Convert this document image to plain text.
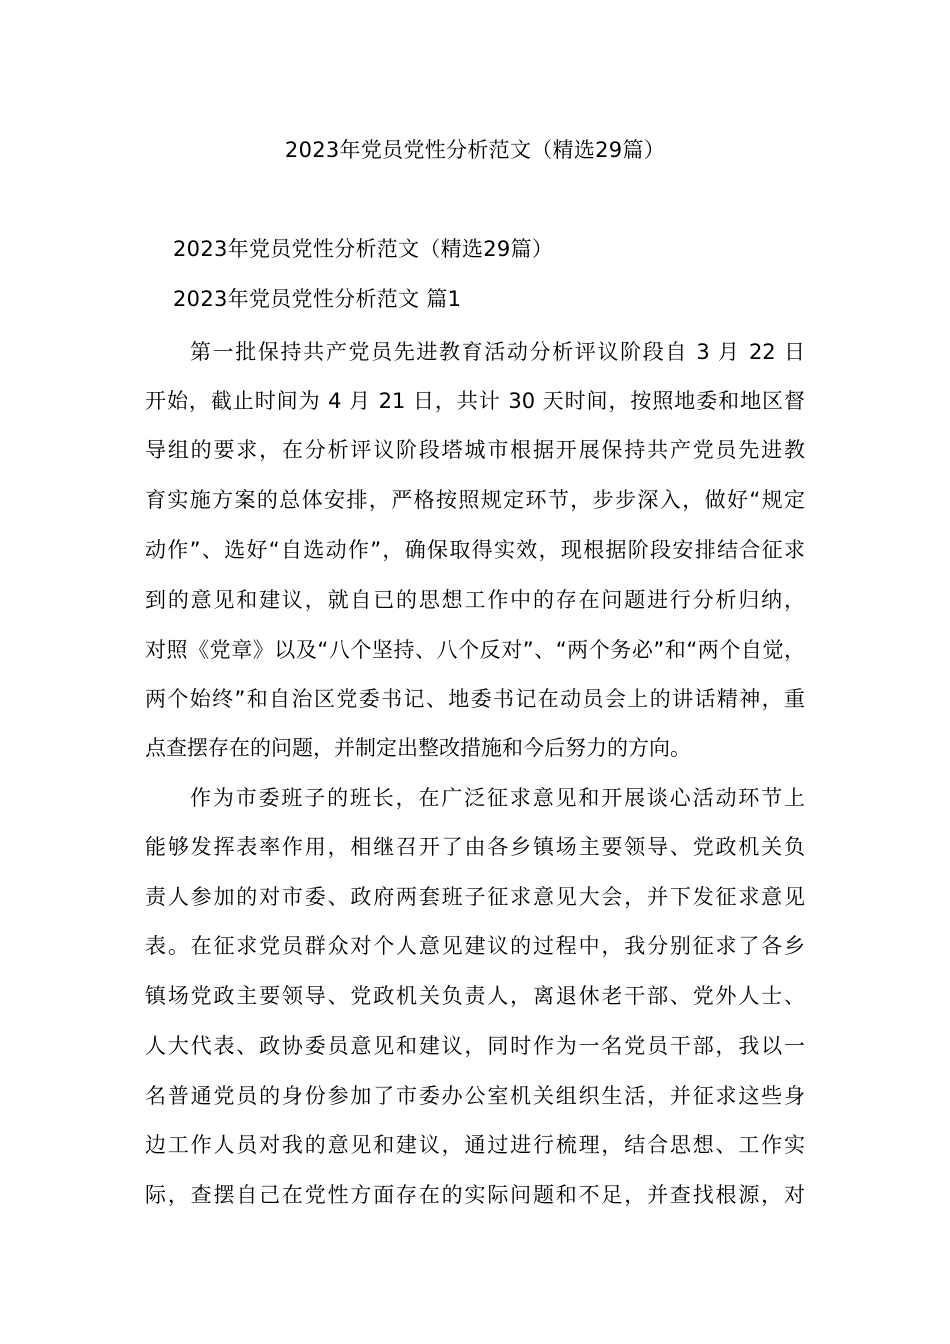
2023年党员党性分析范文（精选29篇）
2023年党员党性分析范文（精选29篇）
2023年党员党性分析范文 篇1
第一批保持共产党员先进教育活动分析评议阶段自 3 月 22 日
开始，截止时间为 4 月 21 日，共计 30 天时间，按照地委和地区督
导组的要求，在分析评议阶段塔城市根据开展保持共产党员先进教
育实施方案的总体安排，严格按照规定环节，步步深入，做好“规定
动作”、选好“自选动作”，确保取得实效，现根据阶段安排结合征求
到的意见和建议，就自已的思想工作中的存在问题进行分析归纳，
对照《党章》以及“八个坚持、八个反对”、“两个务必”和“两个自觉，
两个始终”和自治区党委书记、地委书记在动员会上的讲话精神，重
点查摆存在的问题，并制定出整改措施和今后努力的方向。
作为市委班子的班长，在广泛征求意见和开展谈心活动环节上
能够发挥表率作用，相继召开了由各乡镇场主要领导、党政机关负
责人参加的对市委、政府两套班子征求意见大会，并下发征求意见
表。在征求党员群众对个人意见建议的过程中，我分别征求了各乡
镇场党政主要领导、党政机关负责人，离退休老干部、党外人士、
人大代表、政协委员意见和建议，同时作为一名党员干部，我以一
名普通党员的身份参加了市委办公室机关组织生活，并征求这些身
边工作人员对我的意见和建议，通过进行梳理，结合思想、工作实
际，查摆自己在党性方面存在的实际问题和不足，并查找根源，对
